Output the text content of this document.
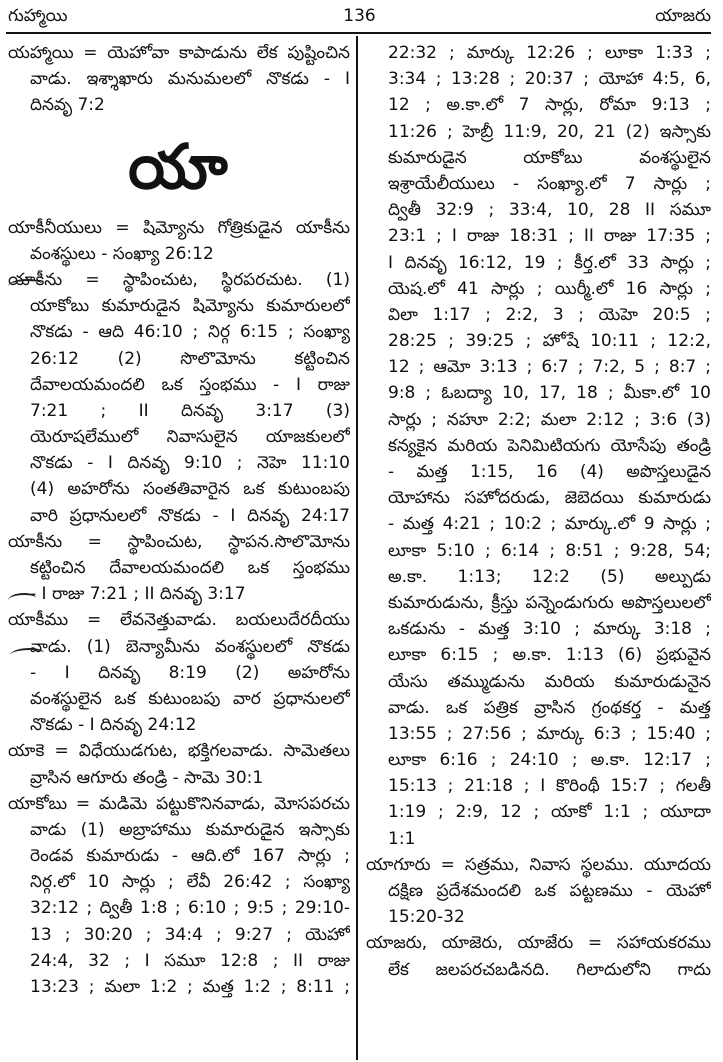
గుహ్మాయి	136	యాజరు
యహ్మాయి = యెహోవా కాపాడును లేక పుష్టించిన
వాడు. ఇశ్శాఖారు మనుమలలో నొకడు - I
దినవృ 7:2
యా
యాకీనీయులు = షిమ్యోను గోత్రికుడైన యాకీను
వంశస్థులు - సంఖ్యా 26:12
యాకీను = స్థాపించుట, స్థిరపరచుట. (1)
యాకోబు కుమారుడైన షిమ్యోను కుమారులలో
నొకడు - ఆది 46:10 ; నిర్గ 6:15 ; సంఖ్యా
26:12 (2) సొలొమోను కట్టించిన
దేవాలయమందలి ఒక స్తంభము - I రాజు
7:21 ; II దినవృ 3:17 (3)
యెరూషలేములో నివాసులైన యాజకులలో
నొకడు - I దినవృ 9:10 ; నెహె 11:10
(4) అహరోను సంతతివారైన ఒక కుటుంబపు
వారి ప్రధానులలో నొకడు - I దినవృ 24:17
యాకీను = స్థాపించుట, స్థాపన.సొలొమోను
కట్టించిన దేవాలయమందలి ఒక స్తంభము
- I రాజు 7:21 ; II దినవృ 3:17
యాకీము = లేవనెత్తువాడు. బయలుదేరదీయు
వాడు. (1) బెన్యామీను వంశస్థులలో నొకడు
- I దినవృ 8:19 (2) అహరోను
వంశస్థులైన ఒక కుటుంబపు వార ప్రధానులలో
నొకడు - I దినవృ 24:12
యాకె = విధేయుడగుట, భక్తిగలవాడు. సామెతలు
వ్రాసిన ఆగూరు తండ్రి - సామె 30:1
యాకోబు = మడిమె పట్టుకొనినవాడు, మోసపరచు
వాడు (1) అబ్రాహాము కుమారుడైన ఇస్సాకు
రెండవ కుమారుడు - ఆది.లో 167 సార్లు ;
నిర్గ.లో 10 సార్లు ; లేవీ 26:42 ; సంఖ్యా
32:12 ; ద్వితీ 1:8 ; 6:10 ; 9:5 ; 29:10-
13 ; 30:20 ; 34:4 ; 9:27 ; యెహో
24:4, 32 ; I సమూ 12:8 ; II రాజు
13:23 ; మలా 1:2 ; మత్త 1:2 ; 8:11 ;
22:32 ; మార్కు 12:26 ; లూకా 1:33 ;
3:34 ; 13:28 ; 20:37 ; యోహా 4:5, 6,
12 ; అ.కా.లో 7 సార్లు, రోమా 9:13 ;
11:26 ; హెబ్రీ 11:9, 20, 21 (2) ఇస్సాకు
కుమారుడైన యాకోబు వంశస్థులైన
ఇశ్రాయేలీయులు - సంఖ్యా.లో 7 సార్లు ;
ద్వితీ 32:9 ; 33:4, 10, 28 II సమూ
23:1 ; I రాజు 18:31 ; II రాజు 17:35 ;
I దినవృ 16:12, 19 ; కీర్త.లో 33 సార్లు ;
యెష.లో 41 సార్లు ; యిర్మీ.లో 16 సార్లు ;
విలా 1:17 ; 2:2, 3 ; యెహె 20:5 ;
28:25 ; 39:25 ; హోషే 10:11 ; 12:2,
12 ; ఆమో 3:13 ; 6:7 ; 7:2, 5 ; 8:7 ;
9:8 ; ఓబద్యా 10, 17, 18 ; మీకా.లో 10
సార్లు ; నహూ 2:2; మలా 2:12 ; 3:6 (3)
కన్యకైన మరియ పెనిమిటియగు యోసేపు తండ్రి
- మత్త 1:15, 16 (4) అపొస్తలుడైన
యోహాను సహోదరుడు, జెబెదయి కుమారుడు
- మత్త 4:21 ; 10:2 ; మార్కు.లో 9 సార్లు ;
లూకా 5:10 ; 6:14 ; 8:51 ; 9:28, 54;
అ.కా. 1:13; 12:2 (5) అల్పుడు
కుమారుడును, క్రీస్తు పన్నెండుగురు అపొస్తలులలో
ఒకడును - మత్త 3:10 ; మార్కు 3:18 ;
లూకా 6:15 ; అ.కా. 1:13 (6) ప్రభువైన
యేసు తమ్ముడును మరియ కుమారుడునైన
వాడు. ఒక పత్రిక వ్రాసిన గ్రంథకర్త - మత్త
13:55 ; 27:56 ; మార్కు 6:3 ; 15:40 ;
లూకా 6:16 ; 24:10 ; అ.కా. 12:17 ;
15:13 ; 21:18 ; I కొరింథీ 15:7 ; గలతీ
1:19 ; 2:9, 12 ; యాకో 1:1 ; యూదా
1:1
యాగూరు = సత్రము, నివాస స్థలము. యూదయ
దక్షిణ ప్రదేశమందలి ఒక పట్టణము - యెహో
15:20-32
యాజరు, యాజెరు, యాజేరు = సహాయకరము
లేక జలపరచబడినది. గిలాదులోని గాదు
